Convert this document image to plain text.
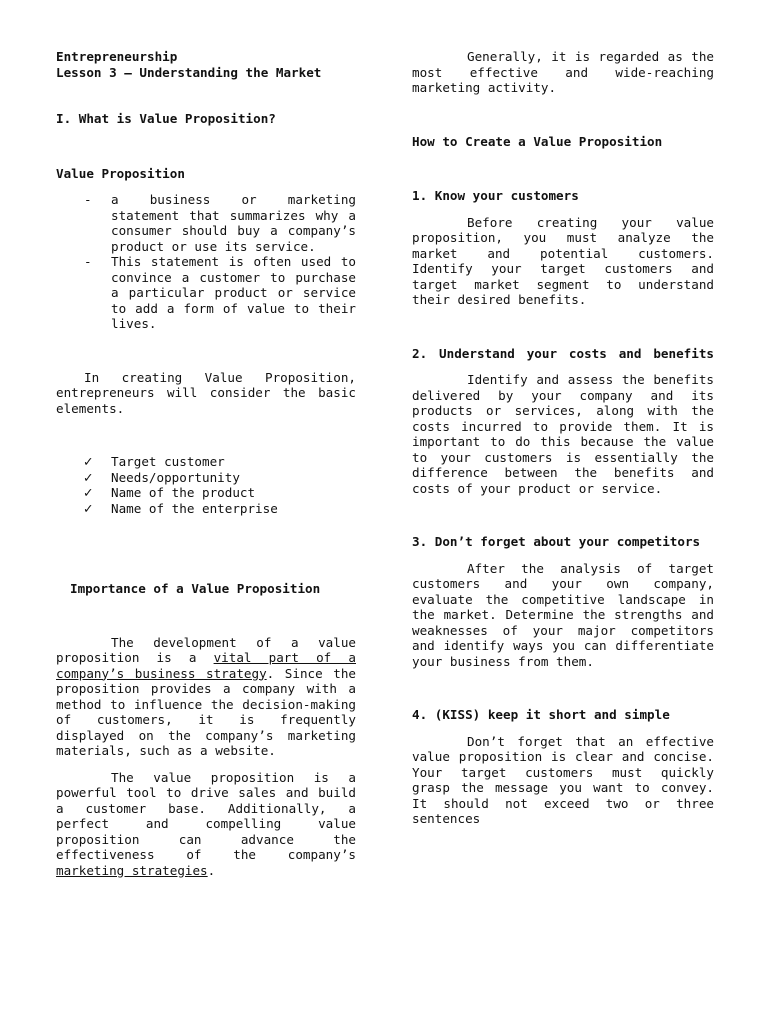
Entrepreneurship

Lesson 3 – Understanding the Market

I. What is Value Proposition?

Value Proposition

- a business or marketing statement that summarizes why a consumer should buy a company’s product or use its service.
- This statement is often used to convince a customer to purchase a particular product or service to add a form of value to their lives.

In creating Value Proposition, entrepreneurs will consider the basic elements.

✓ Target customer
✓ Needs/opportunity
✓ Name of the product
✓ Name of the enterprise

Importance of a Value Proposition

The development of a value proposition is a vital part of a company’s business strategy. Since the proposition provides a company with a method to influence the decision-making of customers, it is frequently displayed on the company’s marketing materials, such as a website.

The value proposition is a powerful tool to drive sales and build a customer base. Additionally, a perfect and compelling value proposition can advance the effectiveness of the company’s marketing strategies.

Generally, it is regarded as the most effective and wide-reaching marketing activity.

How to Create a Value Proposition

1. Know your customers

Before creating your value proposition, you must analyze the market and potential customers. Identify your target customers and target market segment to understand their desired benefits.

2. Understand your costs and benefits

Identify and assess the benefits delivered by your company and its products or services, along with the costs incurred to provide them. It is important to do this because the value to your customers is essentially the difference between the benefits and costs of your product or service.

3. Don’t forget about your competitors

After the analysis of target customers and your own company, evaluate the competitive landscape in the market. Determine the strengths and weaknesses of your major competitors and identify ways you can differentiate your business from them.

4. (KISS) keep it short and simple

Don’t forget that an effective value proposition is clear and concise. Your target customers must quickly grasp the message you want to convey. It should not exceed two or three sentences
